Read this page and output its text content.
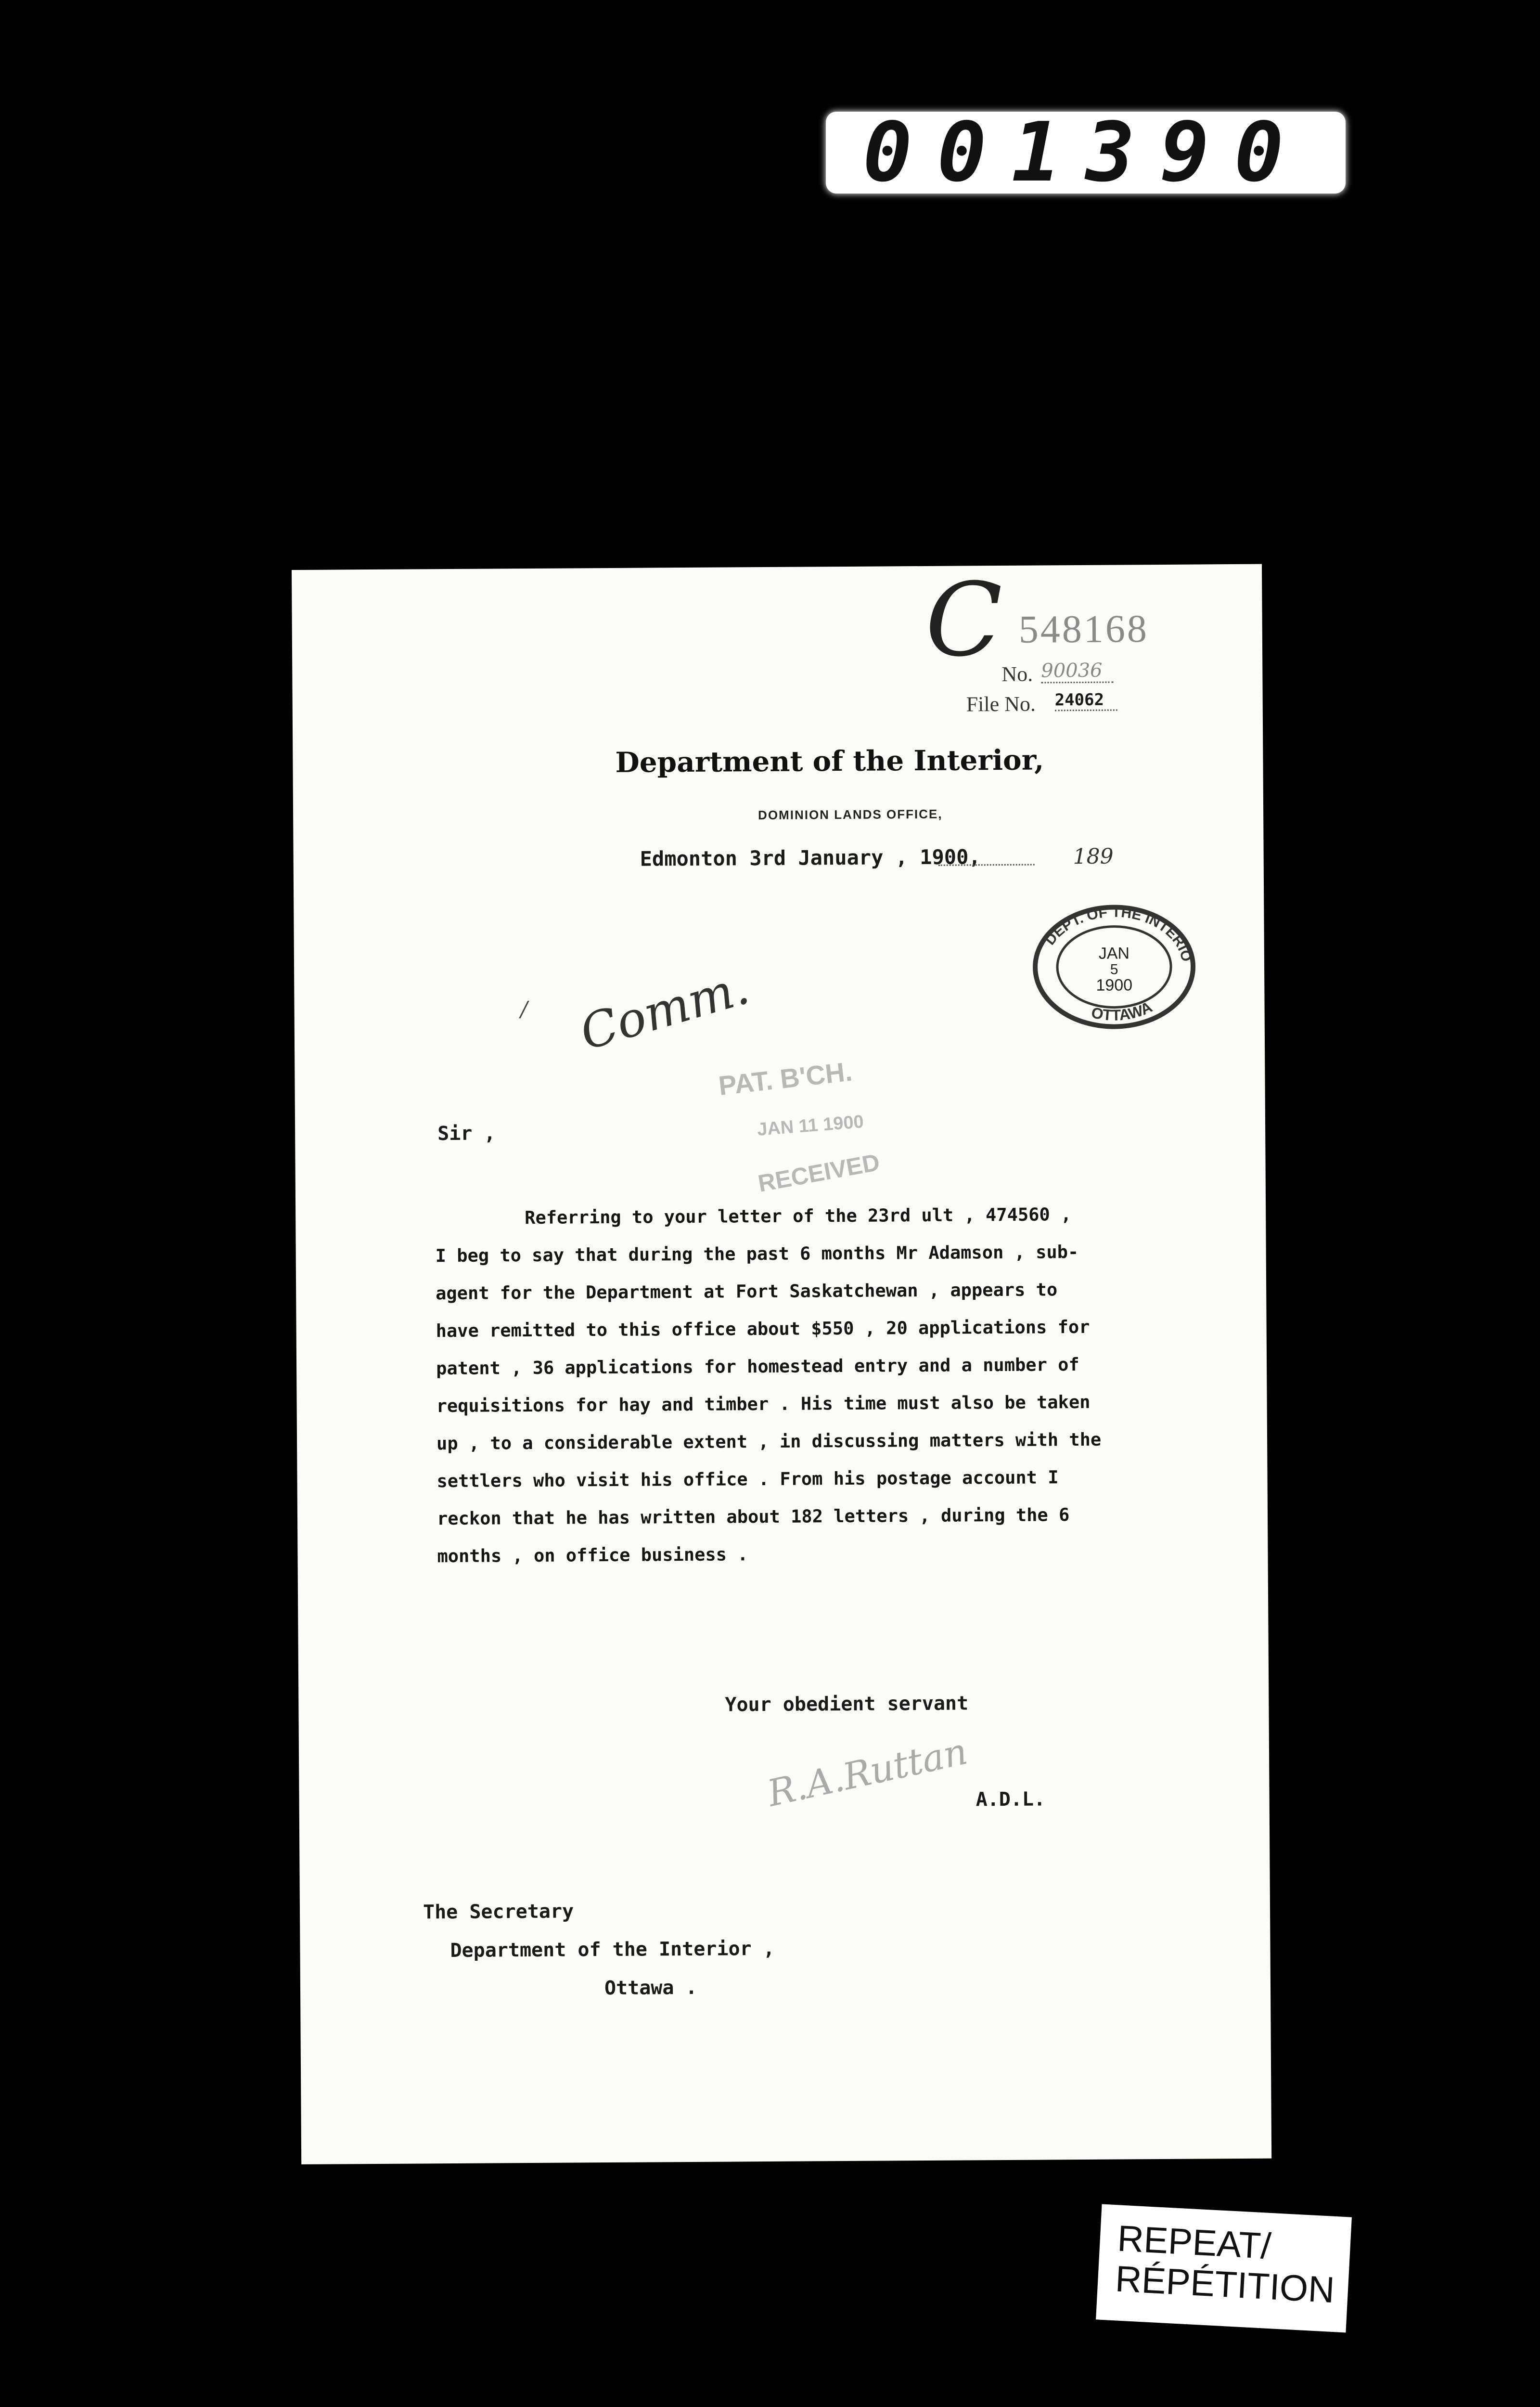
001390
C 548168
No. 90036
File No. 24062
Department of the Interior,
DOMINION LANDS OFFICE,
Edmonton 3rd January , 1900,	189
DEPT. OF THE INTERIOR
OTTAWA
JAN
5
1900
/ Comm.
PAT. B'CH.
JAN 11 1900
RECEIVED
Sir ,
Referring to your letter of the 23rd ult , 474560 ,
I beg to say that during the past 6 months Mr Adamson , sub-
agent for the Department at Fort Saskatchewan , appears to
have remitted to this office about $550 , 20 applications for
patent , 36 applications for homestead entry and a number of
requisitions for hay and timber . His time must also be taken
up , to a considerable extent , in discussing matters with the
settlers who visit his office . From his postage account I
reckon that he has written about 182 letters , during the 6
months , on office business .
Your obedient servant
R.A.Ruttan A.D.L.
The Secretary
Department of the Interior ,
Ottawa .
REPEAT/
RÉPÉTITION
